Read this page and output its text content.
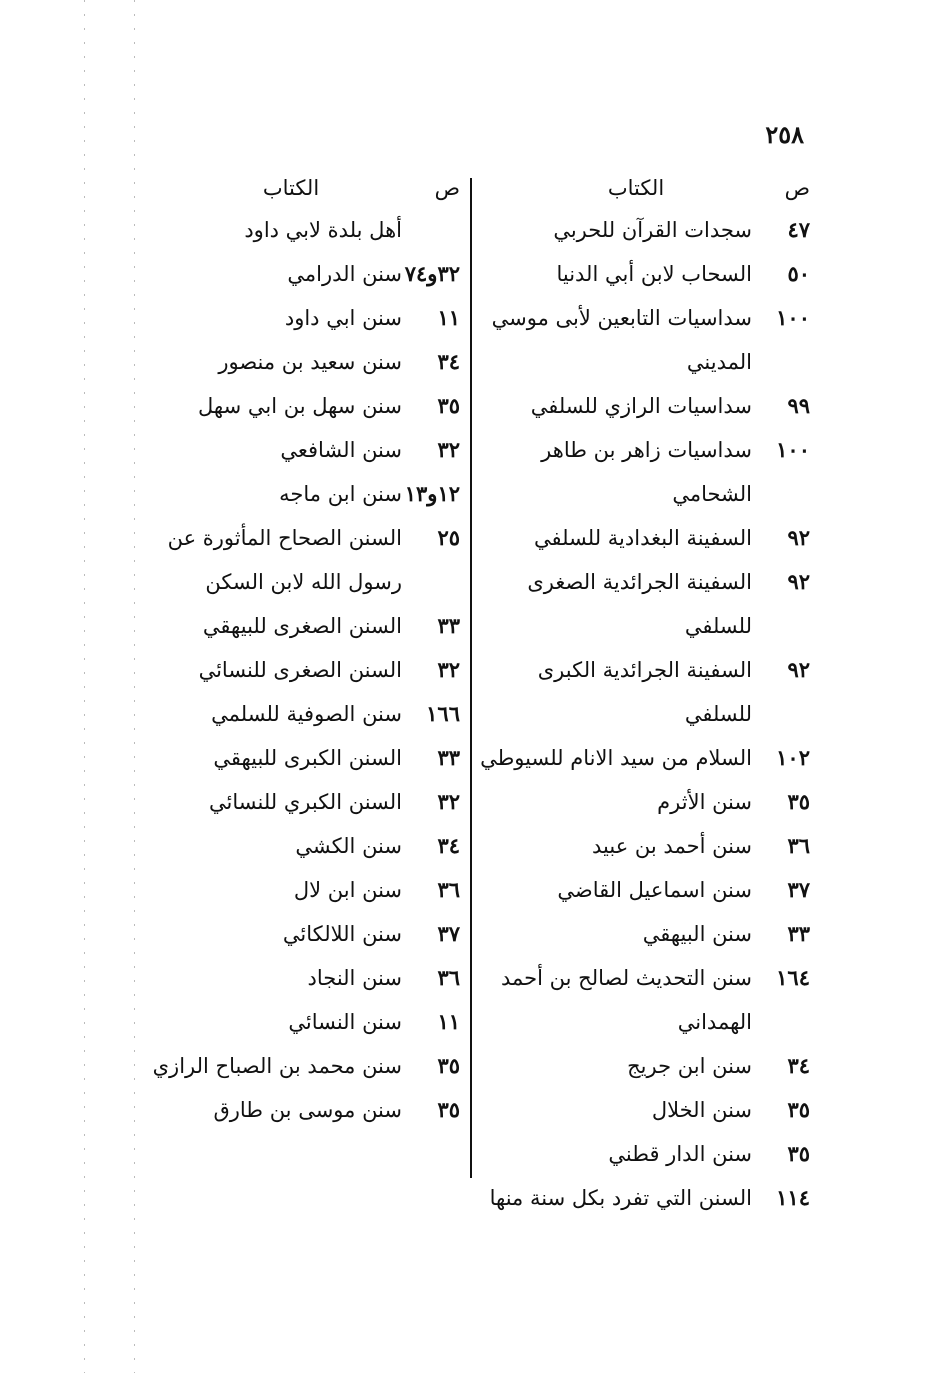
٢٥٨
ص
الكتاب
٤٧
سجدات القرآن للحربي
٥٠
السحاب لابن أبي الدنيا
١٠٠
سداسيات التابعين لأبى موسي المديني
٩٩
سداسيات الرازي للسلفي
١٠٠
سداسيات زاهر بن طاهر الشحامي
٩٢
السفينة البغدادية للسلفي
٩٢
السفينة الجرائدية الصغرى للسلفي
٩٢
السفينة الجرائدية الكبرى للسلفي
١٠٢
السلام من سيد الانام للسيوطي
٣٥
سنن الأثرم
٣٦
سنن أحمد بن عبيد
٣٧
سنن اسماعيل القاضي
٣٣
سنن البيهقي
١٦٤
سنن التحديث لصالح بن أحمد الهمداني
٣٤
سنن ابن جريج
٣٥
سنن الخلال
٣٥
سنن الدار قطني
١١٤
السنن التي تفرد بكل سنة منها
ص
الكتاب
أهل بلدة لابي داود
٣٢و٧٤
سنن الدرامي
١١
سنن ابي داود
٣٤
سنن سعيد بن منصور
٣٥
سنن سهل بن ابي سهل
٣٢
سنن الشافعي
١٢و١٣
سنن ابن ماجه
٢٥
السنن الصحاح المأثورة عن رسول الله لابن السكن
٣٣
السنن الصغرى للبيهقي
٣٢
السنن الصغرى للنسائي
١٦٦
سنن الصوفية للسلمي
٣٣
السنن الكبرى للبيهقي
٣٢
السنن الكبري للنسائي
٣٤
سنن الكشي
٣٦
سنن ابن لال
٣٧
سنن اللالكائي
٣٦
سنن النجاد
١١
سنن النسائي
٣٥
سنن محمد بن الصباح الرازي
٣٥
سنن موسى بن طارق
